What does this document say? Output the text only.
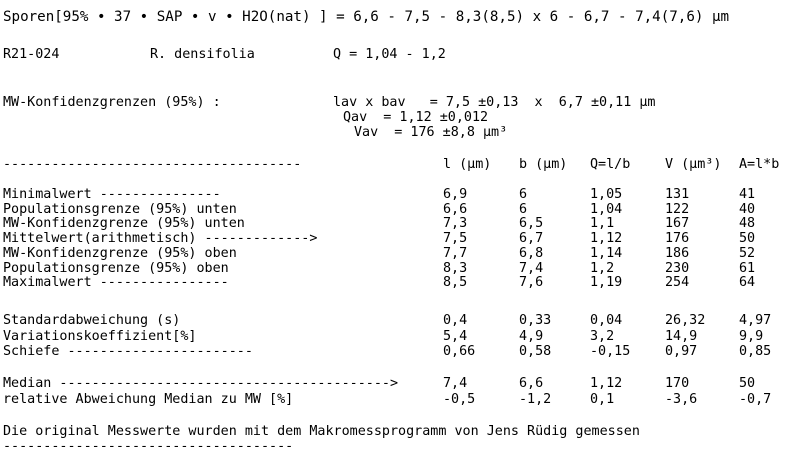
Sporen[95% • 37 • SAP • v • H2O(nat) ] = 6,6 - 7,5 - 8,3(8,5) x 6 - 6,7 - 7,4(7,6) µm
R21-024	R. densifolia	Q = 1,04 - 1,2
MW-Konfidenzgrenzen (95%) :	lav x bav   = 7,5 ±0,13  x  6,7 ±0,11 µm
Qav  = 1,12 ±0,012
Vav  = 176 ±8,8 µm³
-------------------------------------	l (µm) b (µm) Q=l/b	V (µm³) A=l*b
Minimalwert ---------------	6,9	6	1,05	131	41
Populationsgrenze (95%) unten	6,6	6	1,04	122	40
MW-Konfidenzgrenze (95%) unten	7,3	6,5	1,1	167	48
Mittelwert(arithmetisch) ------------->	7,5	6,7	1,12	176	50
MW-Konfidenzgrenze (95%) oben	7,7	6,8	1,14	186	52
Populationsgrenze (95%) oben	8,3	7,4	1,2	230	61
Maximalwert ----------------	8,5	7,6	1,19	254	64
Standardabweichung (s)	0,4	0,33	0,04	26,32	4,97
Variationskoeffizient[%]	5,4	4,9	3,2	14,9	9,9
Schiefe -----------------------	0,66	0,58	-0,15	0,97	0,85
Median ----------------------------------------->	7,4	6,6	1,12	170	50
relative Abweichung Median zu MW [%]	-0,5	-1,2	0,1	-3,6	-0,7
Die original Messwerte wurden mit dem Makromessprogramm von Jens Rüdig gemessen
------------------------------------
